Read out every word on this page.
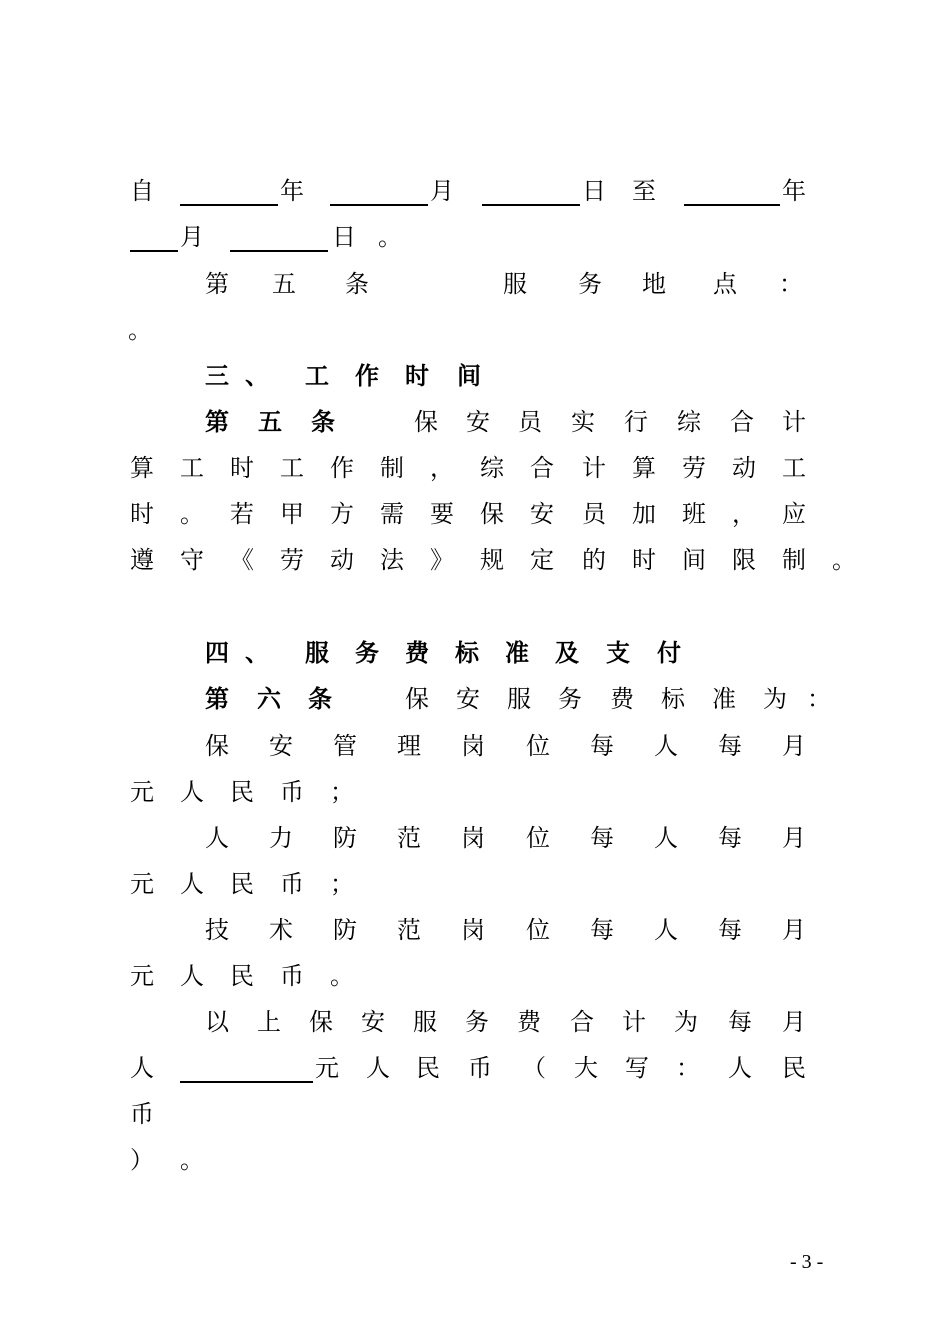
自	年	月	日 至	年
月	日 。
第 五 条	服 务 地 点 ：
。
三 、 工 作 时 间
第 五 条	保 安 员 实 行 综 合 计
算 工 时 工 作 制 ， 综 合 计 算 劳 动 工
时 。 若 甲 方 需 要 保 安 员 加 班 ， 应
遵 守 《 劳 动 法 》 规 定 的 时 间 限 制 。
四 、 服 务 费 标 准 及 支 付
第 六 条	保 安 服 务 费 标 准 为 ：
保 安 管 理 岗 位 每 人 每 月
元 人 民 币 ；
人 力 防 范 岗 位 每 人 每 月
元 人 民 币 ；
技 术 防 范 岗 位 每 人 每 月
元 人 民 币 。
以 上 保 安 服 务 费 合 计 为 每 月
人	元 人 民 币 （ 大 写 ： 人 民
币
） 。
- 3 -
